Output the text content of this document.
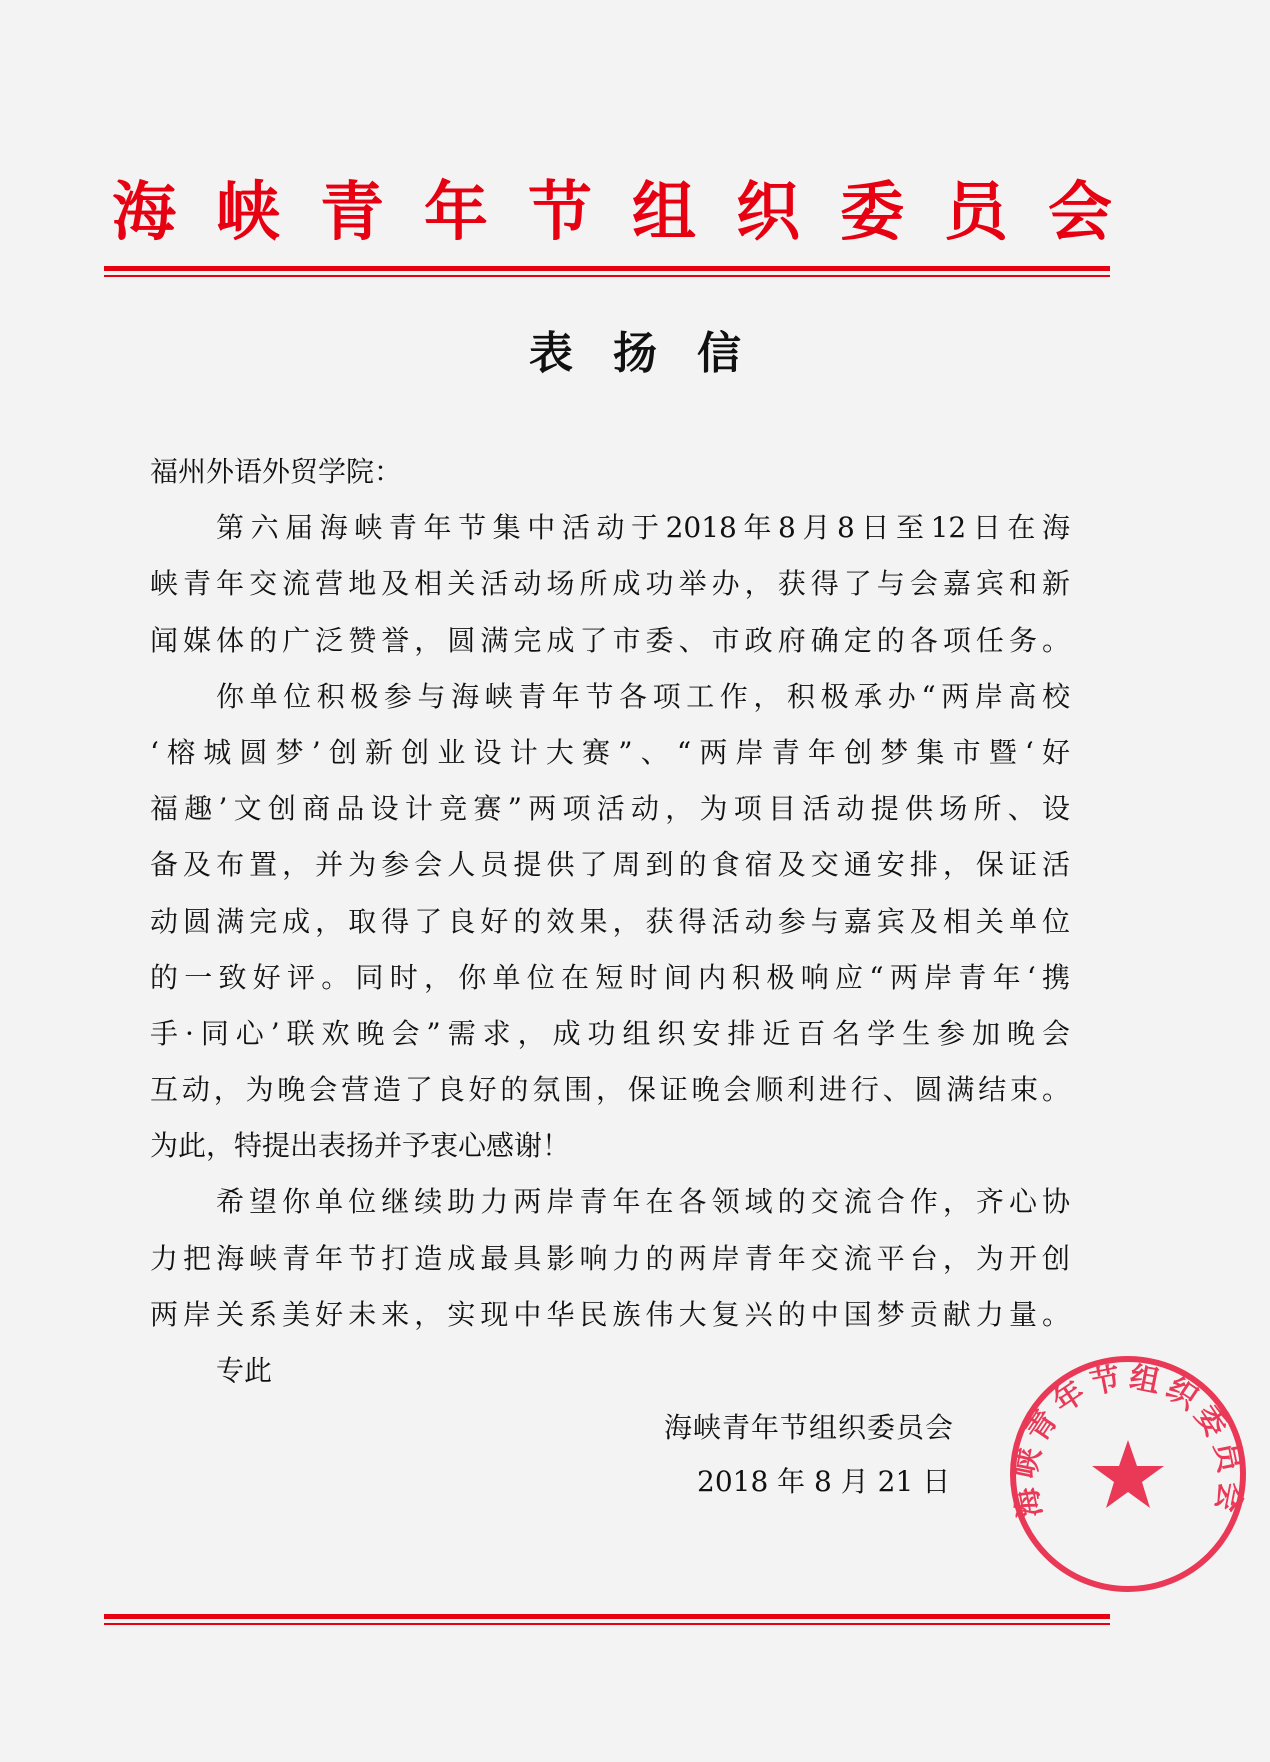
海 峡 青 年 节 组 织 委 员 会
表扬信
福州外语外贸学院：
第六届海峡青年节集中活动于2018年8月8日至12日在海
峡青年交流营地及相关活动场所成功举办，获得了与会嘉宾和新
闻媒体的广泛赞誉，圆满完成了市委、市政府确定的各项任务。
你单位积极参与海峡青年节各项工作，积极承办“两岸高校
‘榕城圆梦’创新创业设计大赛”、“两岸青年创梦集市暨‘好
福趣’文创商品设计竞赛”两项活动，为项目活动提供场所、设
备及布置，并为参会人员提供了周到的食宿及交通安排，保证活
动圆满完成，取得了良好的效果，获得活动参与嘉宾及相关单位
的一致好评。同时，你单位在短时间内积极响应“两岸青年‘携
手·同心’联欢晚会”需求，成功组织安排近百名学生参加晚会
互动，为晚会营造了良好的氛围，保证晚会顺利进行、圆满结束。
为此，特提出表扬并予衷心感谢！
希望你单位继续助力两岸青年在各领域的交流合作，齐心协
力把海峡青年节打造成最具影响力的两岸青年交流平台，为开创
两岸关系美好未来，实现中华民族伟大复兴的中国梦贡献力量。
专此
海峡青年节组织委员会
海峡青年节组织委员会
2018 年 8 月 21 日
